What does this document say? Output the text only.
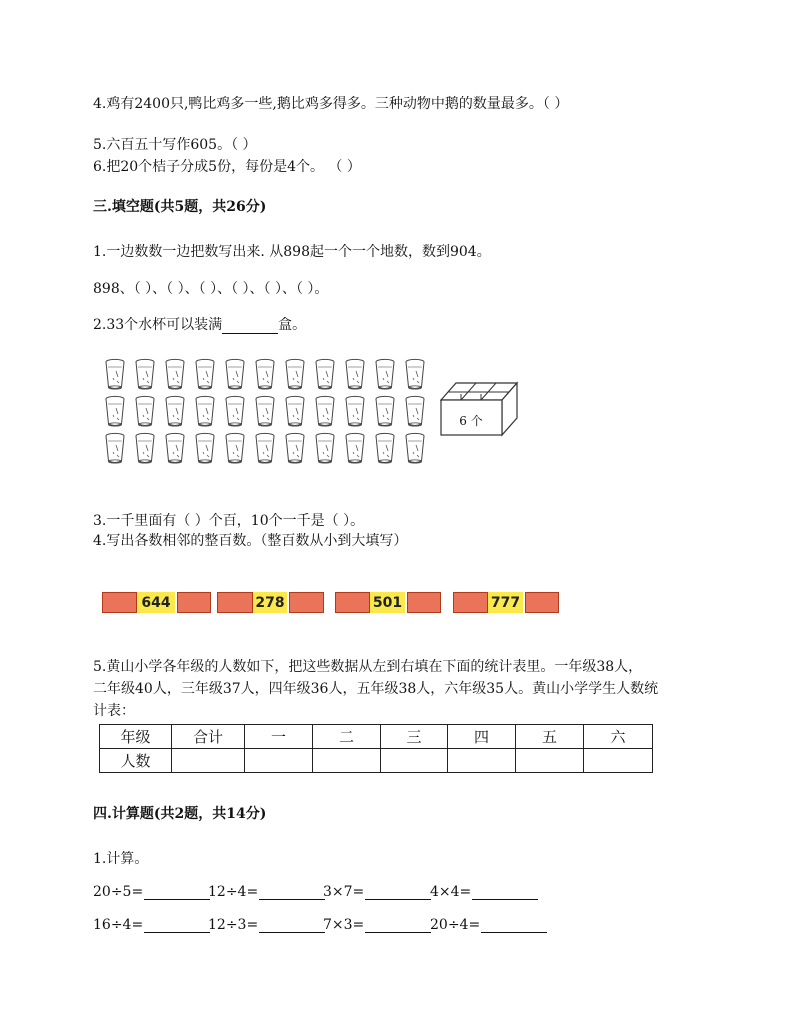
4.鸡有2400只,鸭比鸡多一些,鹅比鸡多得多。三种动物中鹅的数量最多。（ ）
5.六百五十写作605。（ ）
6.把20个桔子分成5份，每份是4个。 （ ）
三.填空题(共5题，共26分)
1.一边数数一边把数写出来. 从898起一个一个地数，数到904。
898、（ ）、（ ）、（ ）、（ ）、（ ）、（ ）。
2.33个水杯可以装满	盒。
6 个
3.一千里面有（ ）个百，10个一千是（ ）。
4.写出各数相邻的整百数。（整百数从小到大填写）
644	278	501	777
5.黄山小学各年级的人数如下，把这些数据从左到右填在下面的统计表里。一年级38人，
二年级40人，三年级37人，四年级36人，五年级38人，六年级35人。黄山小学学生人数统
计表：
年级	合计	一	二	三	四	五	六
人数							
四.计算题(共2题，共14分)
1.计算。
20÷5=	12÷4=	3×7=	4×4=
16÷4=	12÷3=	7×3=	20÷4=
